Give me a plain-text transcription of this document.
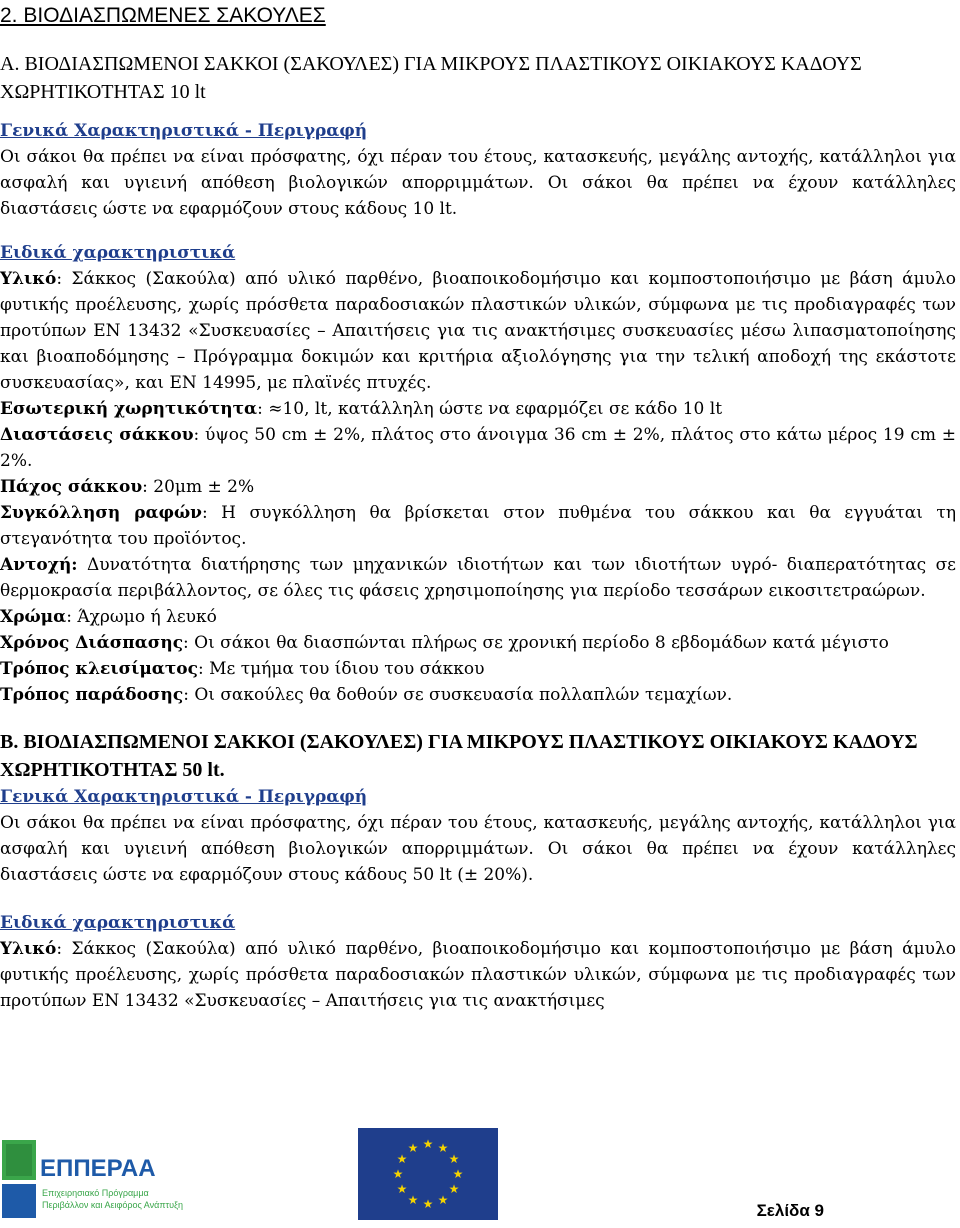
2. ΒΙΟΔΙΑΣΠΩΜΕΝΕΣ ΣΑΚΟΥΛΕΣ
Α. ΒΙΟΔΙΑΣΠΩΜΕΝΟΙ ΣΑΚΚΟΙ (ΣΑΚΟΥΛΕΣ) ΓΙΑ ΜΙΚΡΟΥΣ ΠΛΑΣΤΙΚΟΥΣ ΟΙΚΙΑΚΟΥΣ ΚΑΔΟΥΣ ΧΩΡΗΤΙΚΟΤΗΤΑΣ 10 lt
Γενικά Χαρακτηριστικά - Περιγραφή

Οι σάκοι θα πρέπει να είναι πρόσφατης, όχι πέραν του έτους, κατασκευής, μεγάλης αντοχής, κατάλληλοι για ασφαλή και υγιεινή απόθεση βιολογικών απορριμμάτων. Οι σάκοι θα πρέπει να έχουν κατάλληλες διαστάσεις ώστε να εφαρμόζουν στους κάδους 10 lt.

Ειδικά χαρακτηριστικά

Υλικό: Σάκκος (Σακούλα) από υλικό παρθένο, βιοαποικοδομήσιμο και κομποστοποιήσιμο με βάση άμυλο φυτικής προέλευσης, χωρίς πρόσθετα παραδοσιακών πλαστικών υλικών, σύμφωνα με τις προδιαγραφές των προτύπων EN 13432 «Συσκευασίες – Απαιτήσεις για τις ανακτήσιμες συσκευασίες μέσω λιπασματοποίησης και βιοαποδόμησης – Πρόγραμμα δοκιμών και κριτήρια αξιολόγησης για την τελική αποδοχή της εκάστοτε συσκευασίας», και EN 14995, με πλαϊνές πτυχές.

Εσωτερική χωρητικότητα: ≈10, lt, κατάλληλη ώστε να εφαρμόζει σε κάδο 10 lt

Διαστάσεις σάκκου: ύψος 50 cm ± 2%, πλάτος στο άνοιγμα 36 cm ± 2%, πλάτος στο κάτω μέρος 19 cm ± 2%.

Πάχος σάκκου: 20μm ± 2%

Συγκόλληση ραφών: Η συγκόλληση θα βρίσκεται στον πυθμένα του σάκκου και θα εγγυάται τη στεγανότητα του προϊόντος.

Αντοχή: Δυνατότητα διατήρησης των μηχανικών ιδιοτήτων και των ιδιοτήτων υγρό- διαπερατότητας σε θερμοκρασία περιβάλλοντος, σε όλες τις φάσεις χρησιμοποίησης για περίοδο τεσσάρων εικοσιτετραώρων.

Χρώμα: Άχρωμο ή λευκό

Χρόνος Διάσπασης: Οι σάκοι θα διασπώνται πλήρως σε χρονική περίοδο 8 εβδομάδων κατά μέγιστο

Τρόπος κλεισίματος: Με τμήμα του ίδιου του σάκκου

Τρόπος παράδοσης: Οι σακούλες θα δοθούν σε συσκευασία πολλαπλών τεμαχίων.

Β. ΒΙΟΔΙΑΣΠΩΜΕΝΟΙ ΣΑΚΚΟΙ (ΣΑΚΟΥΛΕΣ) ΓΙΑ ΜΙΚΡΟΥΣ ΠΛΑΣΤΙΚΟΥΣ ΟΙΚΙΑΚΟΥΣ ΚΑΔΟΥΣ ΧΩΡΗΤΙΚΟΤΗΤΑΣ 50 lt.
Γενικά Χαρακτηριστικά - Περιγραφή

Οι σάκοι θα πρέπει να είναι πρόσφατης, όχι πέραν του έτους, κατασκευής, μεγάλης αντοχής, κατάλληλοι για ασφαλή και υγιεινή απόθεση βιολογικών απορριμμάτων. Οι σάκοι θα πρέπει να έχουν κατάλληλες διαστάσεις ώστε να εφαρμόζουν στους κάδους 50 lt (± 20%).

Ειδικά χαρακτηριστικά

Υλικό: Σάκκος (Σακούλα) από υλικό παρθένο, βιοαποικοδομήσιμο και κομποστοποιήσιμο με βάση άμυλο φυτικής προέλευσης, χωρίς πρόσθετα παραδοσιακών πλαστικών υλικών, σύμφωνα με τις προδιαγραφές των προτύπων EN 13432 «Συσκευασίες – Απαιτήσεις για τις ανακτήσιμες

ΕΠΠΕΡΑΑ
Επιχειρησιακό Πρόγραμμα
Περιβάλλον και Αειφόρος Ανάπτυξη
★ ★
★
★
★
★
★
★
★
★
★
★
Σελίδα 9
